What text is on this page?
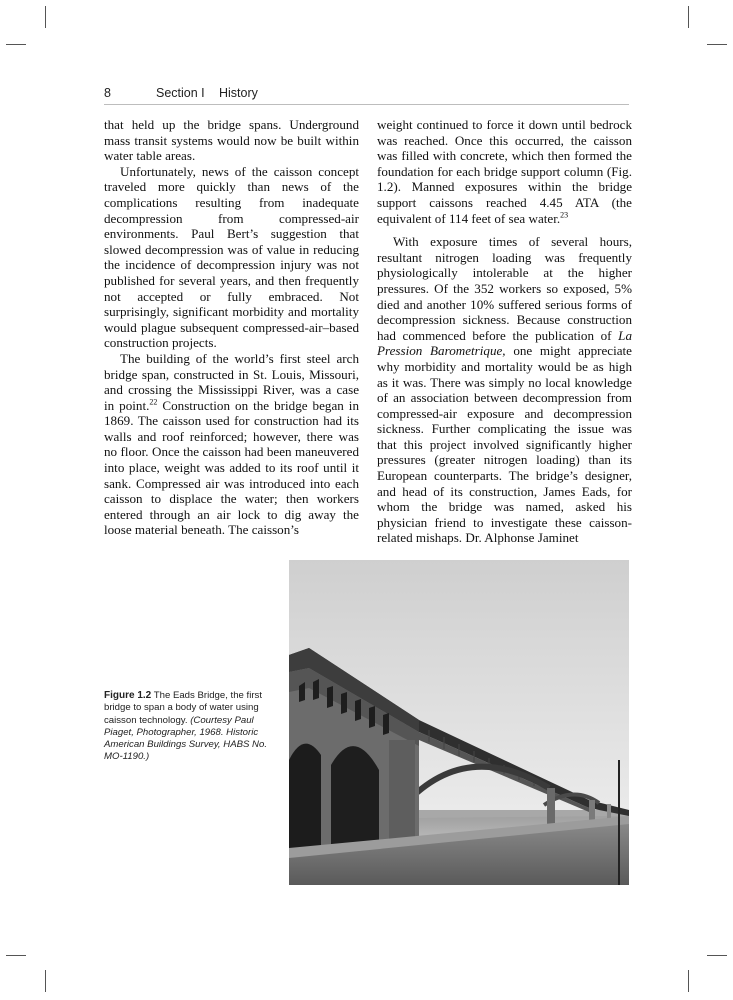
8	Section I History

that held up the bridge spans. Underground mass transit systems would now be built within water table areas.

Unfortunately, news of the caisson concept traveled more quickly than news of the complications resulting from inadequate decompression from compressed-air environments. Paul Bert’s suggestion that slowed decompression was of value in reducing the incidence of decompression injury was not published for several years, and then frequently not accepted or fully embraced. Not surprisingly, significant morbidity and mortality would plague subsequent compressed-air–based construction projects.

The building of the world’s first steel arch bridge span, constructed in St. Louis, Missouri, and crossing the Mississippi River, was a case in point.$^{22}$ Construction on the bridge began in 1869. The caisson used for construction had its walls and roof reinforced; however, there was no floor. Once the caisson had been maneuvered into place, weight was added to its roof until it sank. Compressed air was introduced into each caisson to displace the water; then workers entered through an air lock to dig away the loose material beneath. The caisson’s

weight continued to force it down until bedrock was reached. Once this occurred, the caisson was filled with concrete, which then formed the foundation for each bridge support column (Fig. 1.2). Manned exposures within the bridge support caissons reached 4.45 ATA (the equivalent of 114 feet of sea water.$^{23}$

With exposure times of several hours, resultant nitrogen loading was frequently physiologically intolerable at the higher pressures. Of the 352 workers so exposed, 5% died and another 10% suffered serious forms of decompression sickness. Because construction had commenced before the publication of La Pression Barometrique, one might appreciate why morbidity and mortality would be as high as it was. There was simply no local knowledge of an association between decompression from compressed-air exposure and decompression sickness. Further complicating the issue was that this project involved significantly higher pressures (greater nitrogen loading) than its European counterparts. The bridge’s designer, and head of its construction, James Eads, for whom the bridge was named, asked his physician friend to investigate these caisson-related mishaps. Dr. Alphonse Jaminet

Figure 1.2 The Eads Bridge, the first bridge to span a body of water using caisson technology. (Courtesy Paul Piaget, Photographer, 1968. Historic American Buildings Survey, HABS No. MO-1190.)
